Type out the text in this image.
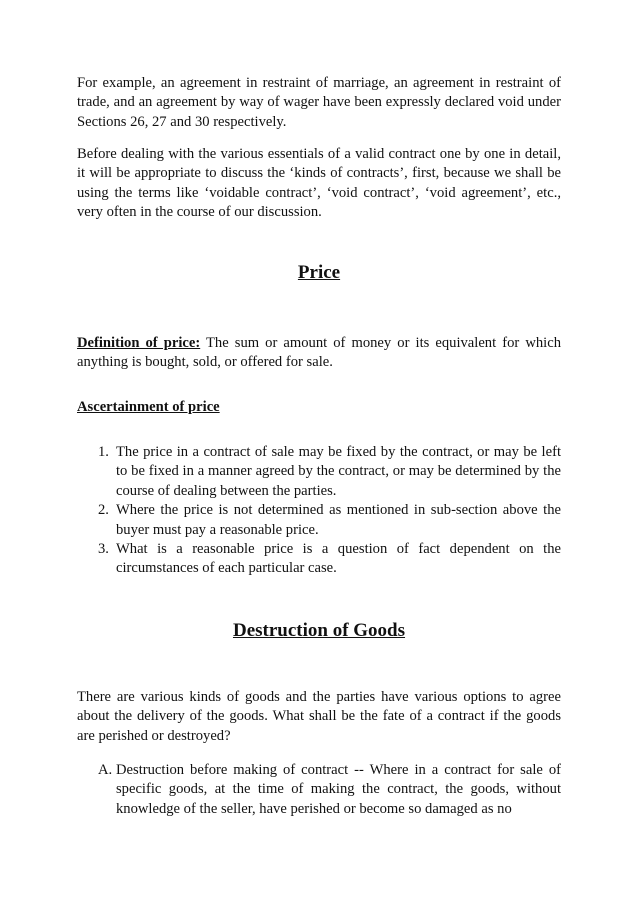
For example, an agreement in restraint of marriage, an agreement in restraint of trade, and an agreement by way of wager have been expressly declared void under Sections 26, 27 and 30 respectively.

Before dealing with the various essentials of a valid contract one by one in detail, it will be appropriate to discuss the ‘kinds of contracts’, first, because we shall be using the terms like ‘voidable contract’, ‘void contract’, ‘void agreement’, etc., very often in the course of our discussion.

Price

Definition of price: The sum or amount of money or its equivalent for which anything is bought, sold, or offered for sale.

Ascertainment of price

1. The price in a contract of sale may be fixed by the contract, or may be left to be fixed in a manner agreed by the contract, or may be determined by the course of dealing between the parties.
2. Where the price is not determined as mentioned in sub-section above the buyer must pay a reasonable price.
3. What is a reasonable price is a question of fact dependent on the circumstances of each particular case.
Destruction of Goods

There are various kinds of goods and the parties have various options to agree about the delivery of the goods. What shall be the fate of a contract if the goods are perished or destroyed?

A. Destruction before making of contract -- Where in a contract for sale of specific goods, at the time of making the contract, the goods, without knowledge of the seller, have perished or become so damaged as no
